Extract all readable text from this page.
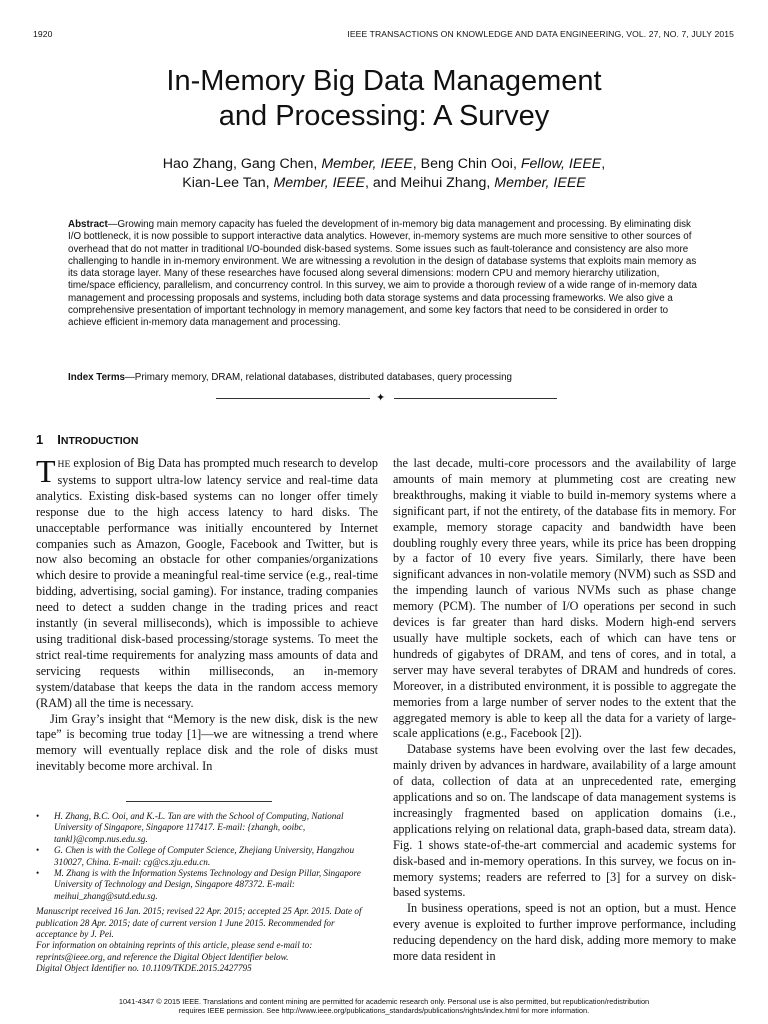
1920	IEEE TRANSACTIONS ON KNOWLEDGE AND DATA ENGINEERING, VOL. 27, NO. 7, JULY 2015
In-Memory Big Data Management
and Processing: A Survey
Hao Zhang, Gang Chen, Member, IEEE, Beng Chin Ooi, Fellow, IEEE,
Kian-Lee Tan, Member, IEEE, and Meihui Zhang, Member, IEEE
Abstract—Growing main memory capacity has fueled the development of in-memory big data management and processing. By eliminating disk I/O bottleneck, it is now possible to support interactive data analytics. However, in-memory systems are much more sensitive to other sources of overhead that do not matter in traditional I/O-bounded disk-based systems. Some issues such as fault-tolerance and consistency are also more challenging to handle in in-memory environment. We are witnessing a revolution in the design of database systems that exploits main memory as its data storage layer. Many of these researches have focused along several dimensions: modern CPU and memory hierarchy utilization, time/space efficiency, parallelism, and concurrency control. In this survey, we aim to provide a thorough review of a wide range of in-memory data management and processing proposals and systems, including both data storage systems and data processing frameworks. We also give a comprehensive presentation of important technology in memory management, and some key factors that need to be considered in order to achieve efficient in-memory data management and processing.
Index Terms—Primary memory, DRAM, relational databases, distributed databases, query processing
✦
1 INTRODUCTION

THE explosion of Big Data has prompted much research to develop systems to support ultra-low latency service and real-time data analytics. Existing disk-based systems can no longer offer timely response due to the high access latency to hard disks. The unacceptable performance was initially encountered by Internet companies such as Amazon, Google, Facebook and Twitter, but is now also becoming an obstacle for other companies/organizations which desire to provide a meaningful real-time service (e.g., real-time bidding, advertising, social gaming). For instance, trading companies need to detect a sudden change in the trading prices and react instantly (in several milliseconds), which is impossible to achieve using traditional disk-based processing/storage systems. To meet the strict real-time requirements for analyzing mass amounts of data and servicing requests within milliseconds, an in-memory system/database that keeps the data in the random access memory (RAM) all the time is necessary.

Jim Gray’s insight that “Memory is the new disk, disk is the new tape” is becoming true today [1]—we are witnessing a trend where memory will eventually replace disk and the role of disks must inevitably become more archival. In

the last decade, multi-core processors and the availability of large amounts of main memory at plummeting cost are creating new breakthroughs, making it viable to build in-memory systems where a significant part, if not the entirety, of the database fits in memory. For example, memory storage capacity and bandwidth have been doubling roughly every three years, while its price has been dropping by a factor of 10 every five years. Similarly, there have been significant advances in non-volatile memory (NVM) such as SSD and the impending launch of various NVMs such as phase change memory (PCM). The number of I/O operations per second in such devices is far greater than hard disks. Modern high-end servers usually have multiple sockets, each of which can have tens or hundreds of gigabytes of DRAM, and tens of cores, and in total, a server may have several terabytes of DRAM and hundreds of cores. Moreover, in a distributed environment, it is possible to aggregate the memories from a large number of server nodes to the extent that the aggregated memory is able to keep all the data for a variety of large-scale applications (e.g., Facebook [2]).

Database systems have been evolving over the last few decades, mainly driven by advances in hardware, availability of a large amount of data, collection of data at an unprecedented rate, emerging applications and so on. The landscape of data management systems is increasingly fragmented based on application domains (i.e., applications relying on relational data, graph-based data, stream data). Fig. 1 shows state-of-the-art commercial and academic systems for disk-based and in-memory operations. In this survey, we focus on in-memory systems; readers are referred to [3] for a survey on disk-based systems.

In business operations, speed is not an option, but a must. Hence every avenue is exploited to further improve performance, including reducing dependency on the hard disk, adding more memory to make more data resident in

• H. Zhang, B.C. Ooi, and K.-L. Tan are with the School of Computing, National University of Singapore, Singapore 117417. E-mail: {zhangh, ooibc, tankl}@comp.nus.edu.sg.
• G. Chen is with the College of Computer Science, Zhejiang University, Hangzhou 310027, China. E-mail: cg@cs.zju.edu.cn.
• M. Zhang is with the Information Systems Technology and Design Pillar, Singapore University of Technology and Design, Singapore 487372. E-mail: meihui_zhang@sutd.edu.sg.
Manuscript received 16 Jan. 2015; revised 22 Apr. 2015; accepted 25 Apr. 2015. Date of publication 28 Apr. 2015; date of current version 1 June 2015. Recommended for acceptance by J. Pei.
For information on obtaining reprints of this article, please send e-mail to: reprints@ieee.org, and reference the Digital Object Identifier below.
Digital Object Identifier no. 10.1109/TKDE.2015.2427795
1041-4347 © 2015 IEEE. Translations and content mining are permitted for academic research only. Personal use is also permitted, but republication/redistribution
requires IEEE permission. See http://www.ieee.org/publications_standards/publications/rights/index.html for more information.
